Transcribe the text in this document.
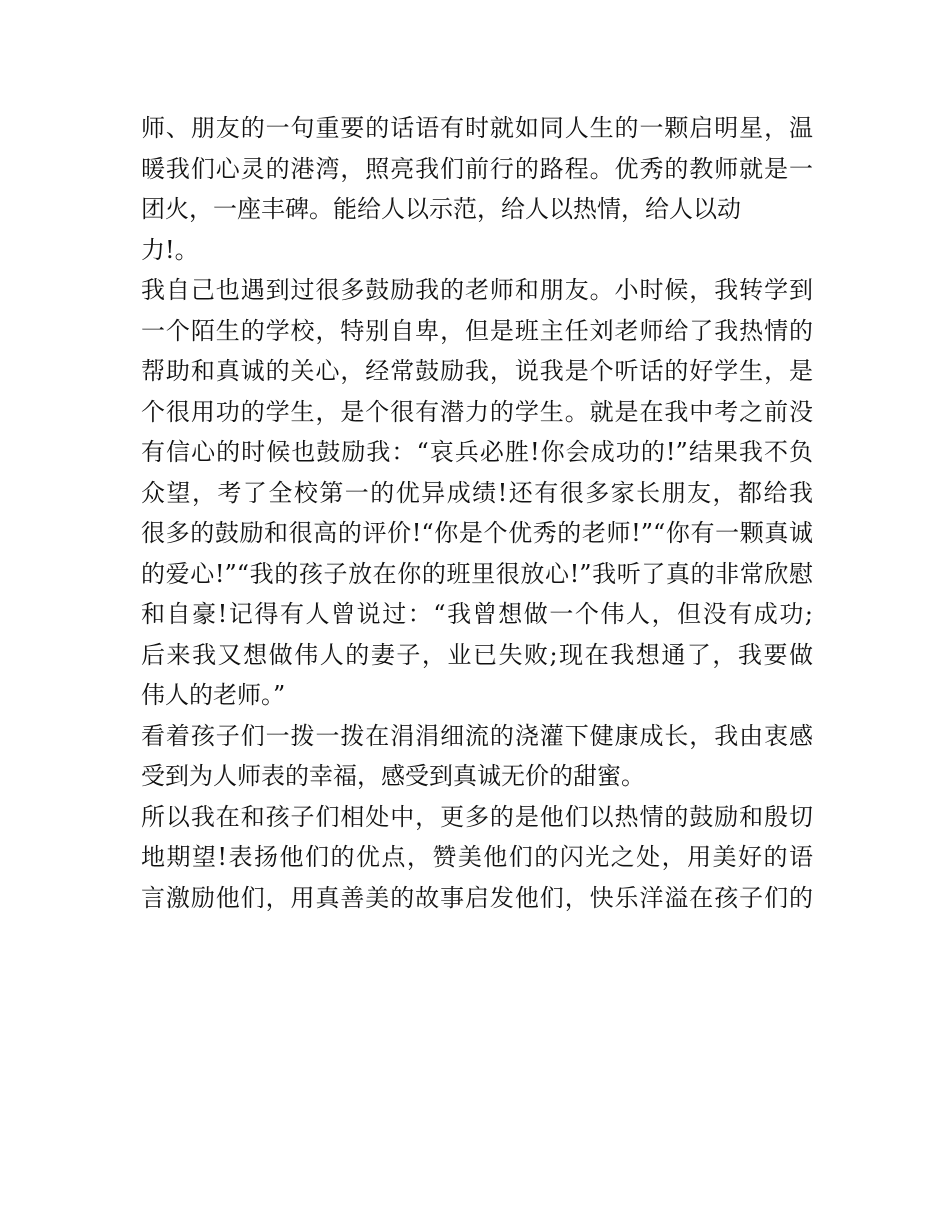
师、朋友的一句重要的话语有时就如同人生的一颗启明星，温
暖我们心灵的港湾，照亮我们前行的路程。优秀的教师就是一
团火，一座丰碑。能给人以示范，给人以热情，给人以动
力!。
我自己也遇到过很多鼓励我的老师和朋友。小时候，我转学到
一个陌生的学校，特别自卑，但是班主任刘老师给了我热情的
帮助和真诚的关心，经常鼓励我，说我是个听话的好学生，是
个很用功的学生，是个很有潜力的学生。就是在我中考之前没
有信心的时候也鼓励我：“哀兵必胜!你会成功的!”结果我不负
众望，考了全校第一的优异成绩!还有很多家长朋友，都给我
很多的鼓励和很高的评价!“你是个优秀的老师!”“你有一颗真诚
的爱心!”“我的孩子放在你的班里很放心!”我听了真的非常欣慰
和自豪!记得有人曾说过：“我曾想做一个伟人，但没有成功;
后来我又想做伟人的妻子，业已失败;现在我想通了，我要做
伟人的老师。”
看着孩子们一拨一拨在涓涓细流的浇灌下健康成长，我由衷感
受到为人师表的幸福，感受到真诚无价的甜蜜。
所以我在和孩子们相处中，更多的是他们以热情的鼓励和殷切
地期望!表扬他们的优点，赞美他们的闪光之处，用美好的语
言激励他们，用真善美的故事启发他们，快乐洋溢在孩子们的
